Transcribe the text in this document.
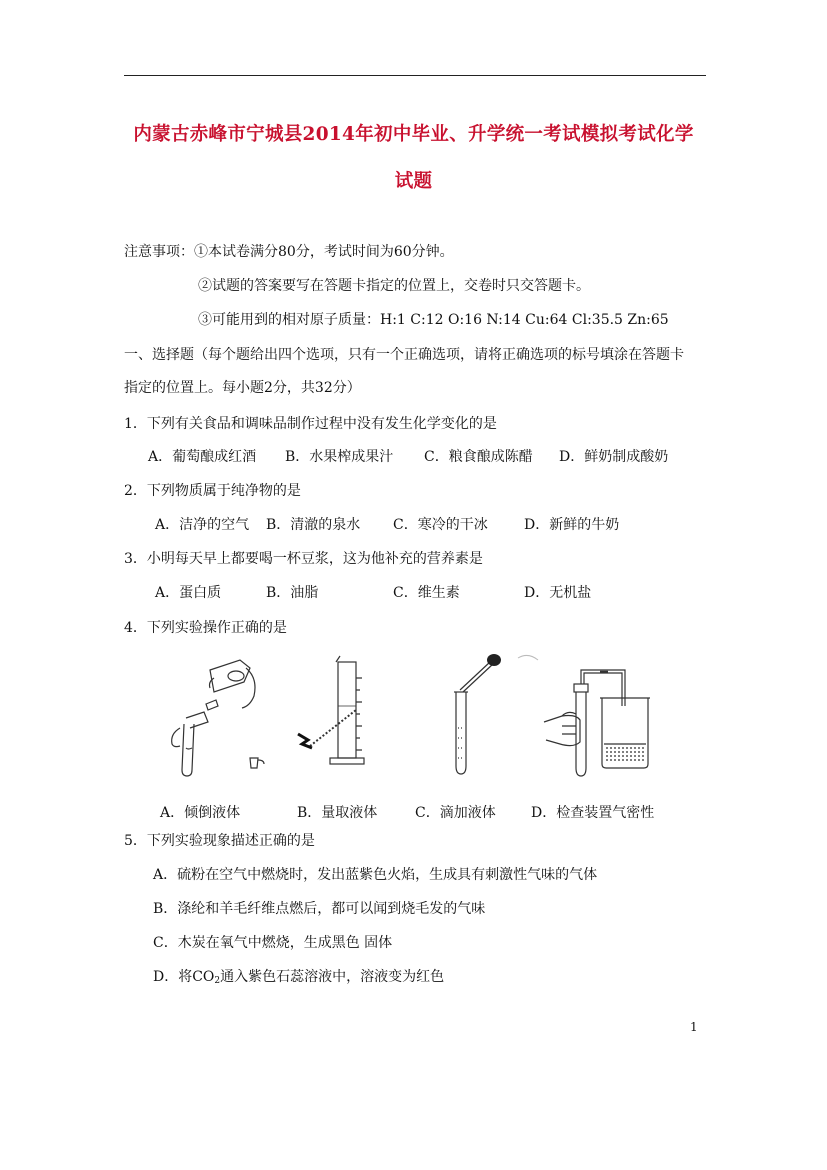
内蒙古赤峰市宁城县2014年初中毕业、升学统一考试模拟考试化学
试题
注意事项：①本试卷满分80分，考试时间为60分钟。
②试题的答案要写在答题卡指定的位置上，交卷时只交答题卡。
③可能用到的相对原子质量：H:1 C:12 O:16 N:14 Cu:64 Cl:35.5 Zn:65
一、选择题（每个题给出四个选项，只有一个正确选项，请将正确选项的标号填涂在答题卡
指定的位置上。每小题2分，共32分）
1．下列有关食品和调味品制作过程中没有发生化学变化的是
A．葡萄酿成红酒 B．水果榨成果汁 C．粮食酿成陈醋 D．鲜奶制成酸奶
2．下列物质属于纯净物的是
A．洁净的空气 B．清澈的泉水 C．寒冷的干冰	D．新鲜的牛奶
3．小明每天早上都要喝一杯豆浆，这为他补充的营养素是
A．蛋白质	B．油脂	C．维生素	D．无机盐
4．下列实验操作正确的是
A．倾倒液体	B．量取液体	C．滴加液体	D．检查装置气密性
5．下列实验现象描述正确的是
A．硫粉在空气中燃烧时，发出蓝紫色火焰，生成具有刺激性气味的气体
B．涤纶和羊毛纤维点燃后，都可以闻到烧毛发的气味
C．木炭在氧气中燃烧，生成黑色 固体
D．将$CO_2$通入紫色石蕊溶液中，溶液变为红色
1
